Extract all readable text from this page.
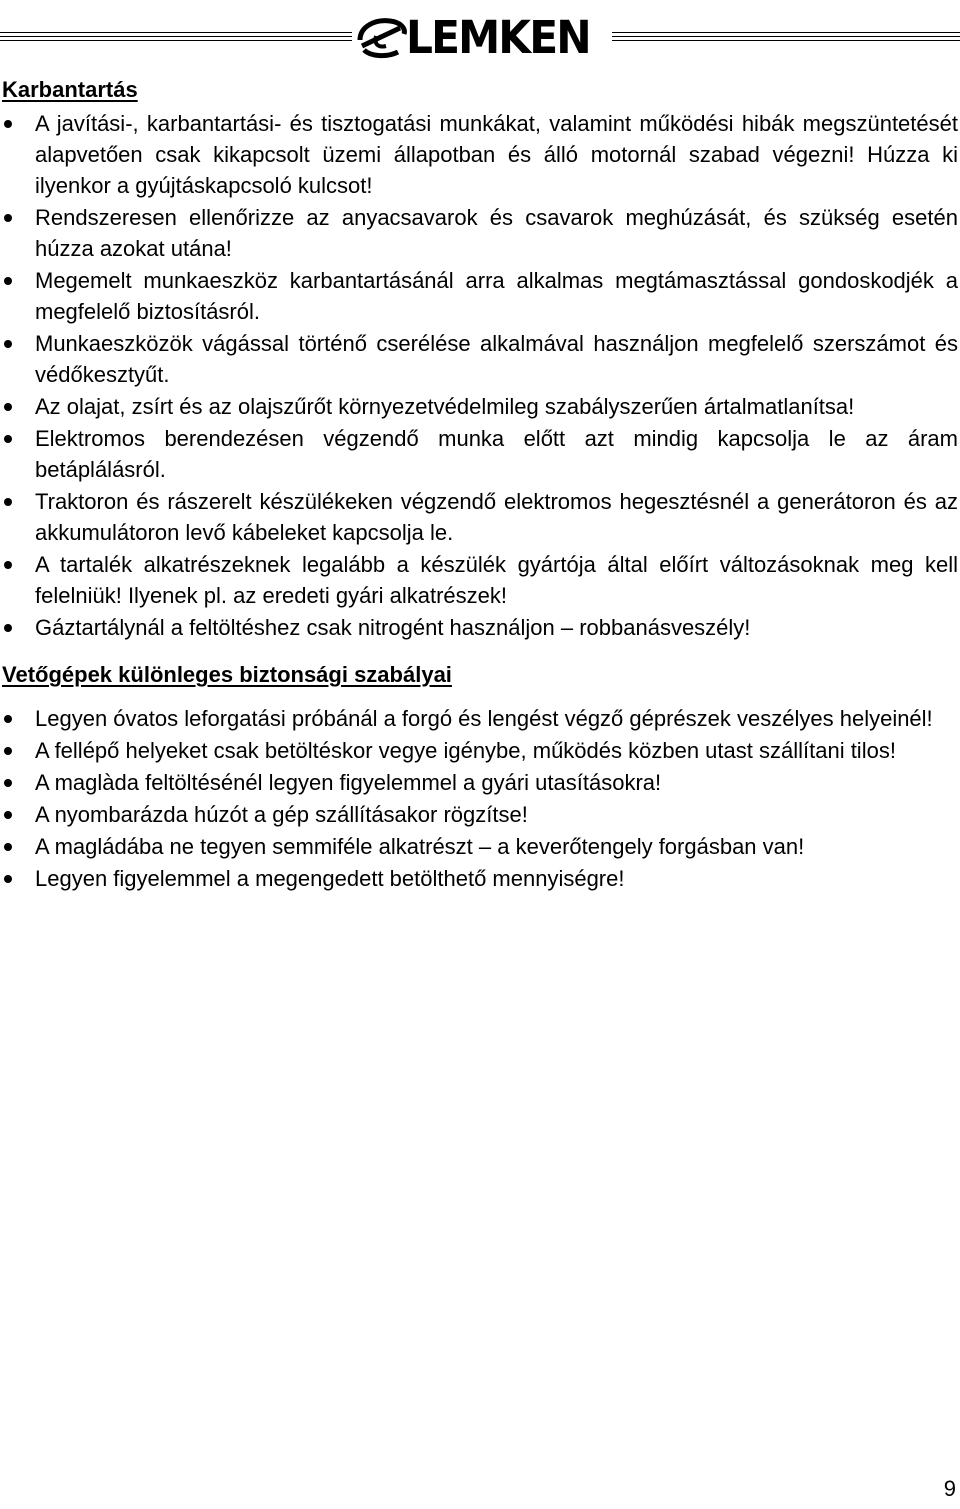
LEMKEN
Karbantartás
A javítási-, karbantartási- és tisztogatási munkákat, valamint működési hibák megszüntetését alapvetően csak kikapcsolt üzemi állapotban és álló motornál szabad végezni! Húzza ki ilyenkor a gyújtáskapcsoló kulcsot!
Rendszeresen ellenőrizze az anyacsavarok és csavarok meghúzását, és szükség esetén húzza azokat utána!
Megemelt munkaeszköz karbantartásánál arra alkalmas megtámasztással gondoskodjék a megfelelő biztosításról.
Munkaeszközök vágással történő cserélése alkalmával használjon megfelelő szerszámot és védőkesztyűt.
Az olajat, zsírt és az olajszűrőt környezetvédelmileg szabályszerűen ártalmatlanítsa!
Elektromos berendezésen végzendő munka előtt azt mindig kapcsolja le az áram betáplálásról.
Traktoron és rászerelt készülékeken végzendő elektromos hegesztésnél a generátoron és az akkumulátoron levő kábeleket kapcsolja le.
A tartalék alkatrészeknek legalább a készülék gyártója által előírt változásoknak meg kell felelniük! Ilyenek pl. az eredeti gyári alkatrészek!
Gáztartálynál a feltöltéshez csak nitrogént használjon – robbanásveszély!
Vetőgépek különleges biztonsági szabályai
Legyen óvatos leforgatási próbánál a forgó és lengést végző géprészek veszélyes helyeinél!
A fellépő helyeket csak betöltéskor vegye igénybe, működés közben utast szállítani tilos!
A maglàda feltöltésénél legyen figyelemmel a gyári utasításokra!
A nyombarázda húzót a gép szállításakor rögzítse!
A magládába ne tegyen semmiféle alkatrészt – a keverőtengely forgásban van!
Legyen figyelemmel a megengedett betölthető mennyiségre!
9
